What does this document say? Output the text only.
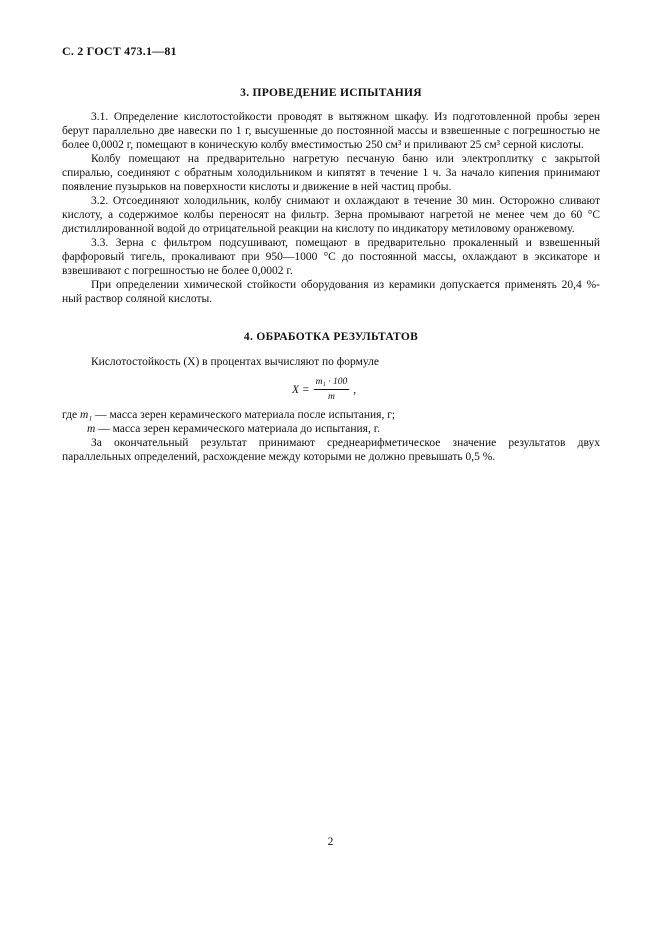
С. 2 ГОСТ 473.1—81
3. ПРОВЕДЕНИЕ ИСПЫТАНИЯ

3.1. Определение кислотостойкости проводят в вытяжном шкафу. Из подготовленной пробы зерен берут параллельно две навески по 1 г, высушенные до постоянной массы и взвешенные с погрешностью не более 0,0002 г, помещают в коническую колбу вместимостью 250 см³ и приливают 25 см³ серной кислоты.

Колбу помещают на предварительно нагретую песчаную баню или электроплитку с закрытой спиралью, соединяют с обратным холодильником и кипятят в течение 1 ч. За начало кипения принимают появление пузырьков на поверхности кислоты и движение в ней частиц пробы.

3.2. Отсоединяют холодильник, колбу снимают и охлаждают в течение 30 мин. Осторожно сливают кислоту, а содержимое колбы переносят на фильтр. Зерна промывают нагретой не менее чем до 60 °С дистиллированной водой до отрицательной реакции на кислоту по индикатору метиловому оранжевому.

3.3. Зерна с фильтром подсушивают, помещают в предварительно прокаленный и взвешенный фарфоровый тигель, прокаливают при 950—1000 °С до постоянной массы, охлаждают в эксикаторе и взвешивают с погрешностью не более 0,0002 г.

При определении химической стойкости оборудования из керамики допускается применять 20,4 %-ный раствор соляной кислоты.

4. ОБРАБОТКА РЕЗУЛЬТАТОВ

Кислотостойкость (X) в процентах вычисляют по формуле

$X = \frac{\text{m₁ · 100}}{m}$ ,
где m₁ — масса зерен керамического материала после испытания, г;
m — масса зерен керамического материала до испытания, г.

За окончательный результат принимают среднеарифметическое значение результатов двух параллельных определений, расхождение между которыми не должно превышать 0,5 %.

2
